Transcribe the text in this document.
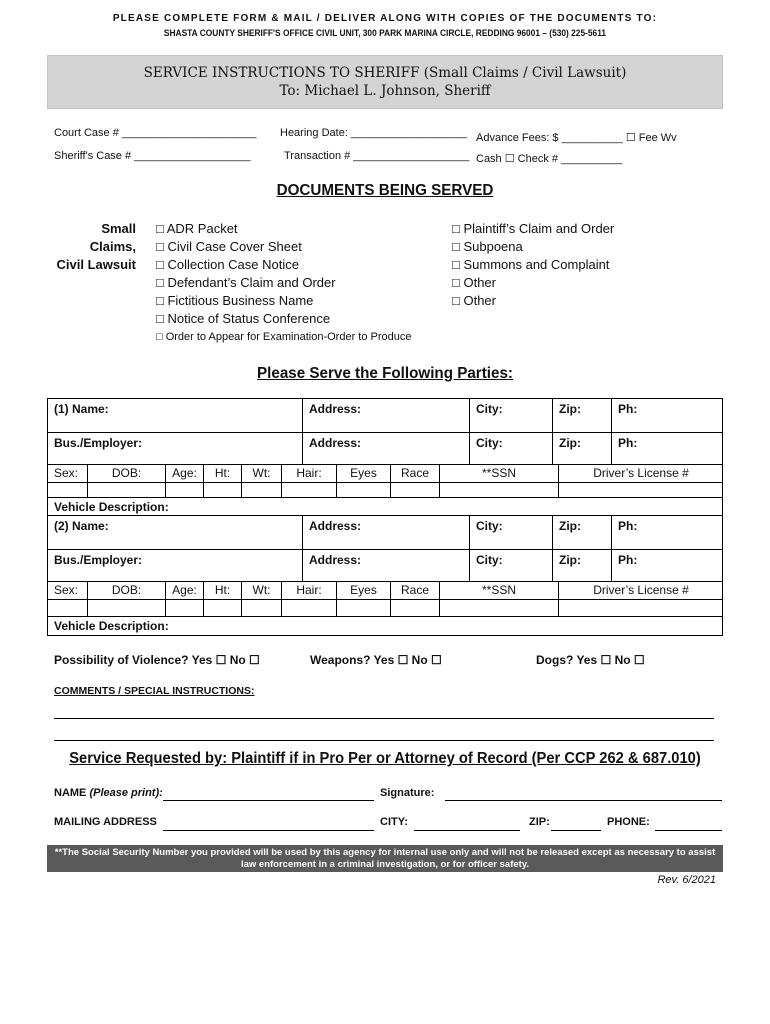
PLEASE COMPLETE FORM & MAIL / DELIVER ALONG WITH COPIES OF THE DOCUMENTS TO:
SHASTA COUNTY SHERIFF'S OFFICE CIVIL UNIT, 300 PARK MARINA CIRCLE, REDDING 96001 – (530) 225-5611
SERVICE INSTRUCTIONS TO SHERIFF (Small Claims / Civil Lawsuit)
To: Michael L. Johnson, Sheriff
Court Case # ______________________
Sheriff's Case # ___________________
Hearing Date: ___________________
Transaction # ___________________
Advance Fees: $ __________ ☐ Fee Wv
Cash ☐ Check # __________
DOCUMENTS BEING SERVED
Small Claims,
Civil Lawsuit
□ ADR Packet
□ Civil Case Cover Sheet
□ Collection Case Notice
□ Defendant’s Claim and Order
□ Fictitious Business Name
□ Notice of Status Conference
□ Order to Appear for Examination-Order to Produce
□ Plaintiff’s Claim and Order
□ Subpoena
□ Summons and Complaint
□ Other
□ Other
Please Serve the Following Parties:
(1) Name:	Address:	City:	Zip:	Ph:
Bus./Employer:	Address:	City:	Zip:	Ph:
Sex:	DOB:	Age:	Ht:	Wt:	Hair:	Eyes	Race	**SSN	Driver’s License #
Vehicle Description:
(2) Name:	Address:	City:	Zip:	Ph:
Bus./Employer:	Address:	City:	Zip:	Ph:
Sex:	DOB:	Age:	Ht:	Wt:	Hair:	Eyes	Race	**SSN	Driver’s License #
Vehicle Description:
Possibility of Violence? Yes ☐ No ☐	Weapons? Yes ☐ No ☐	Dogs? Yes ☐ No ☐
COMMENTS / SPECIAL INSTRUCTIONS:
Service Requested by: Plaintiff if in Pro Per or Attorney of Record (Per CCP 262 & 687.010)
NAME (Please print):	Signature:
MAILING ADDRESS	CITY:	ZIP:	PHONE:
**The Social Security Number you provided will be used by this agency for internal use only and will not be released except as necessary to assist
law enforcement in a criminal investigation, or for officer safety.
Rev. 6/2021
